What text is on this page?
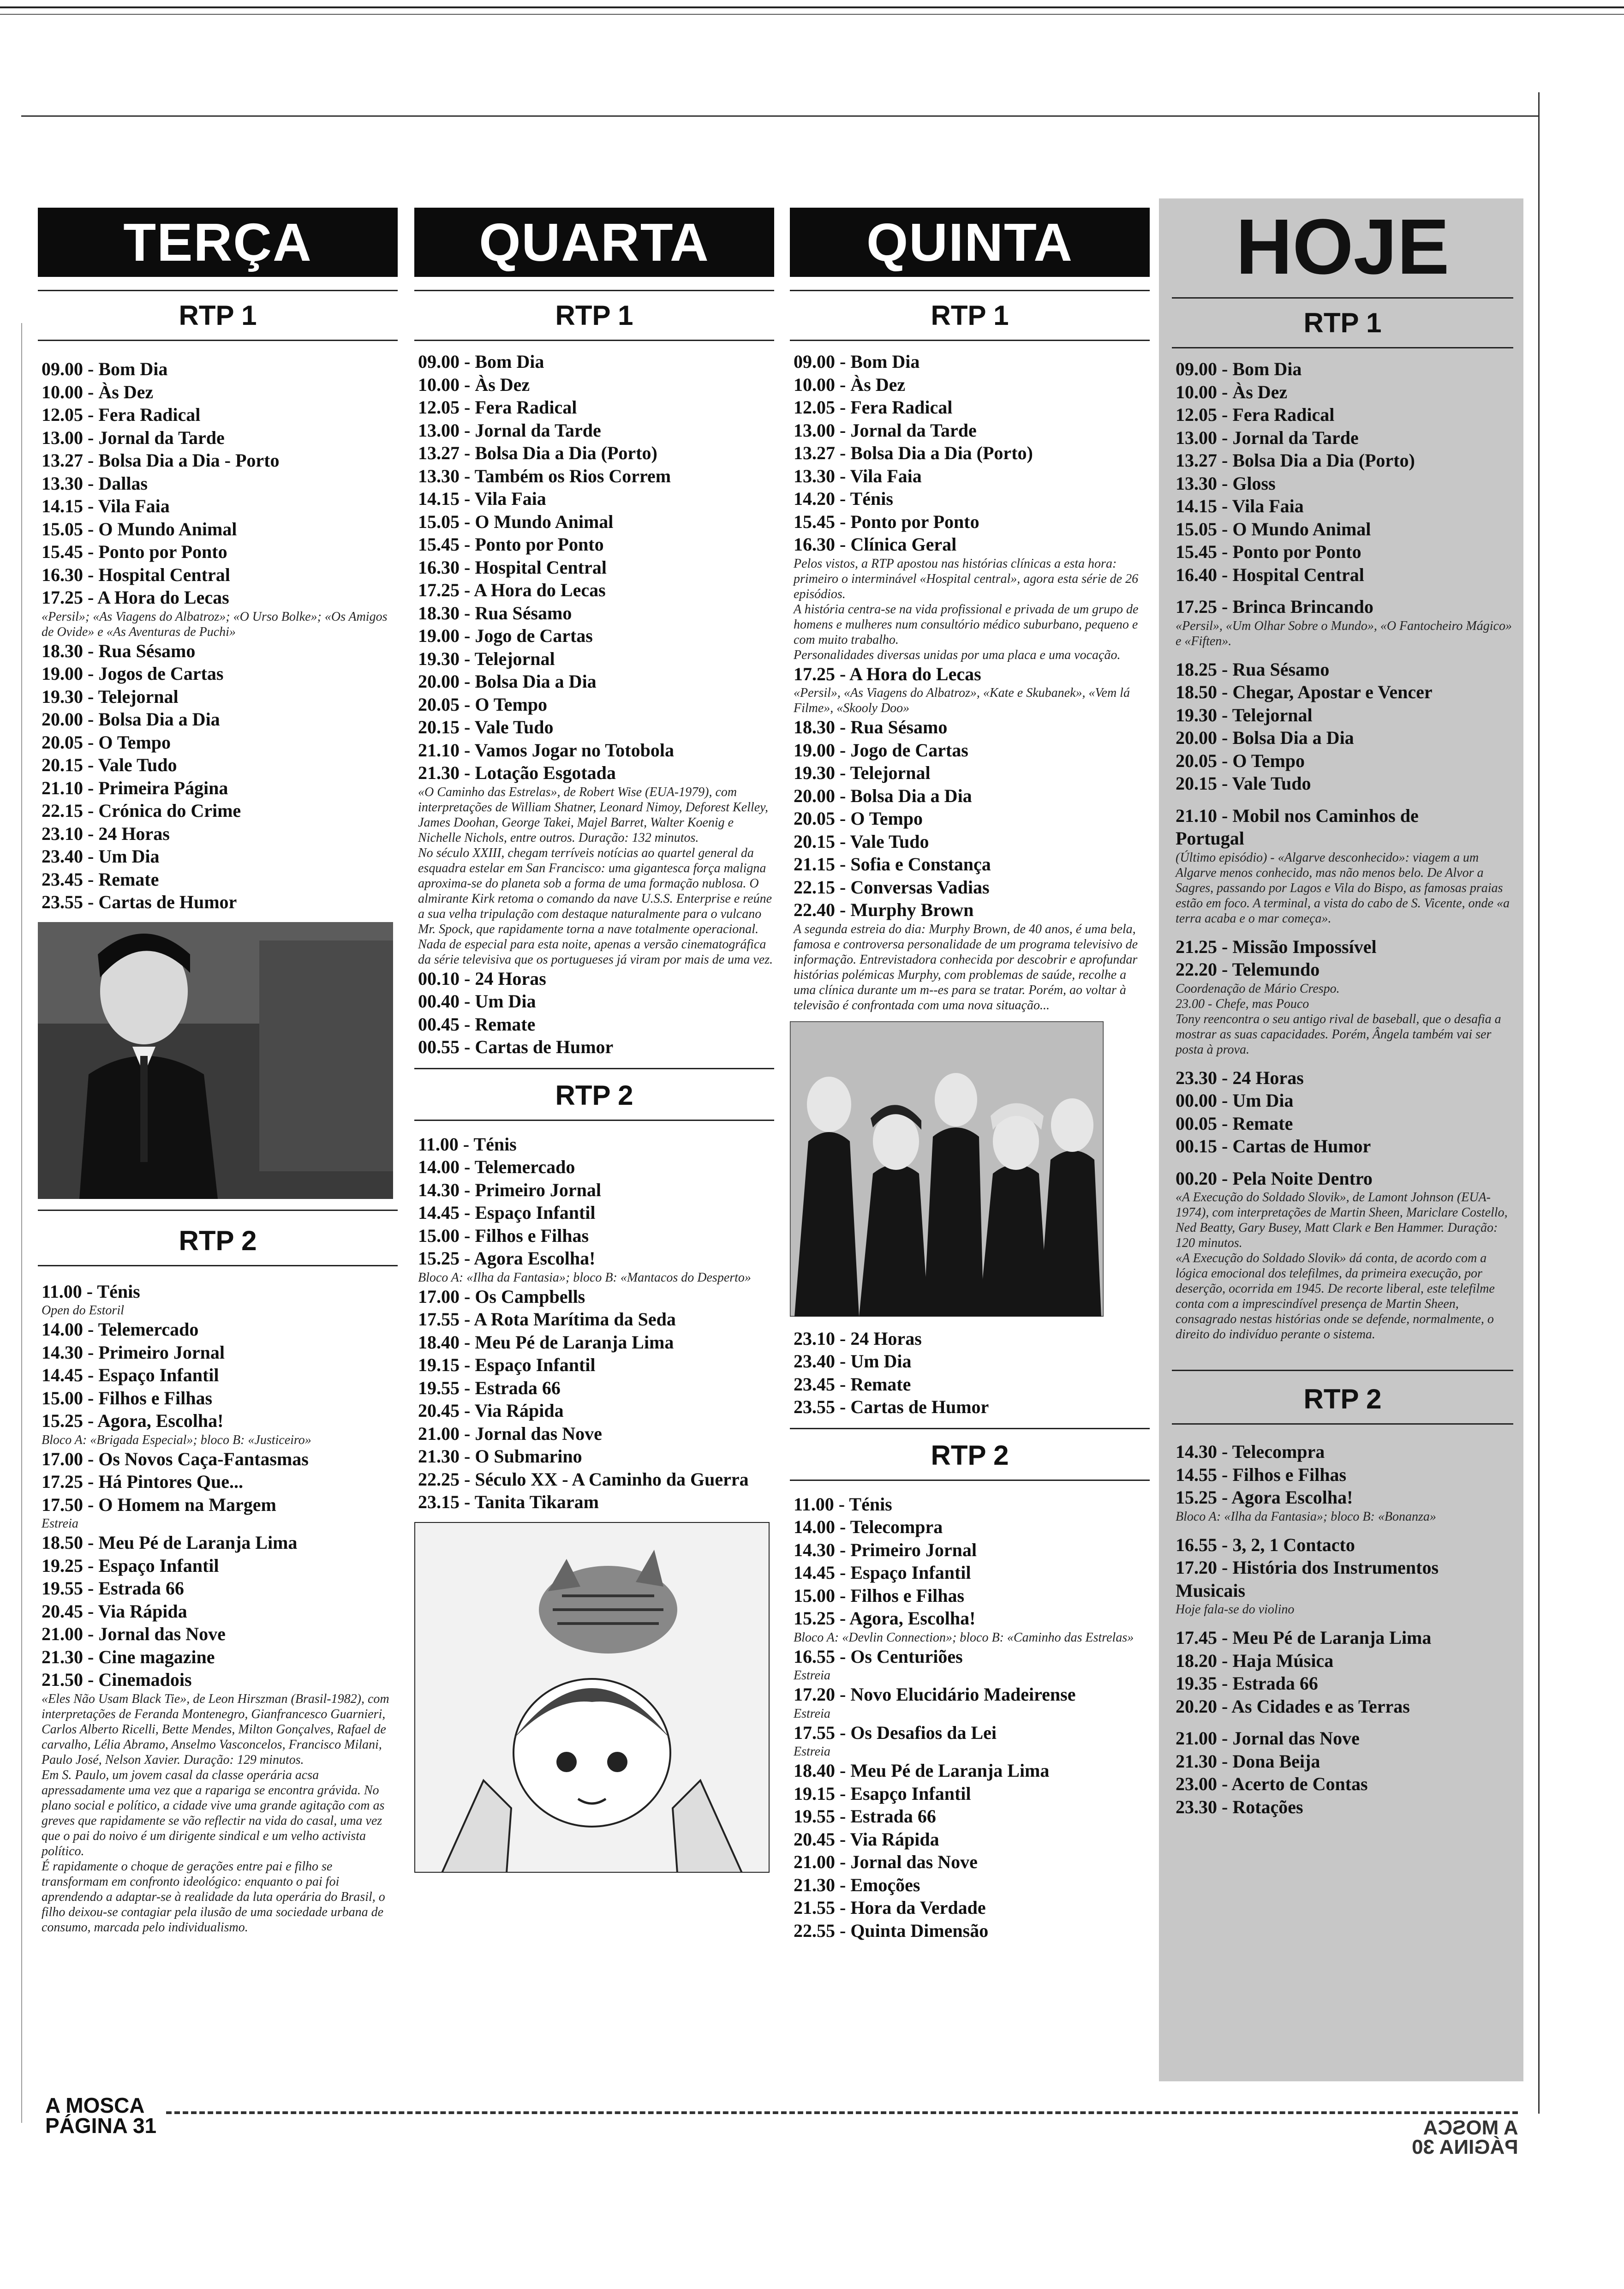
TERÇA
RTP 1
09.00 - Bom Dia
10.00 - Às Dez
12.05 - Fera Radical
13.00 - Jornal da Tarde
13.27 - Bolsa Dia a Dia - Porto
13.30 - Dallas
14.15 - Vila Faia
15.05 - O Mundo Animal
15.45 - Ponto por Ponto
16.30 - Hospital Central
17.25 - A Hora do Lecas
«Persil»; «As Viagens do Albatroz»; «O Urso Bolke»; «Os Amigos de Ovide» e «As Aventuras de Puchi»
18.30 - Rua Sésamo
19.00 - Jogos de Cartas
19.30 - Telejornal
20.00 - Bolsa Dia a Dia
20.05 - O Tempo
20.15 - Vale Tudo
21.10 - Primeira Página
22.15 - Crónica do Crime
23.10 - 24 Horas
23.40 - Um Dia
23.45 - Remate
23.55 - Cartas de Humor
RTP 2
11.00 - Ténis
Open do Estoril
14.00 - Telemercado
14.30 - Primeiro Jornal
14.45 - Espaço Infantil
15.00 - Filhos e Filhas
15.25 - Agora, Escolha!
Bloco A: «Brigada Especial»; bloco B: «Justiceiro»
17.00 - Os Novos Caça-Fantasmas
17.25 - Há Pintores Que...
17.50 - O Homem na Margem
Estreia
18.50 - Meu Pé de Laranja Lima
19.25 - Espaço Infantil
19.55 - Estrada 66
20.45 - Via Rápida
21.00 - Jornal das Nove
21.30 - Cine magazine
21.50 - Cinemadois
«Eles Não Usam Black Tie», de Leon Hirszman (Brasil-1982), com interpretações de Feranda Montenegro, Gianfrancesco Guarnieri, Carlos Alberto Ricelli, Bette Mendes, Milton Gonçalves, Rafael de carvalho, Lélia Abramo, Anselmo Vasconcelos, Francisco Milani, Paulo José, Nelson Xavier. Duração: 129 minutos.
Em S. Paulo, um jovem casal da classe operária acsa apressadamente uma vez que a rapariga se encontra grávida. No plano social e político, a cidade vive uma grande agitação com as greves que rapidamente se vão reflectir na vida do casal, uma vez que o pai do noivo é um dirigente sindical e um velho activista político.
É rapidamente o choque de gerações entre pai e filho se transformam em confronto ideológico: enquanto o pai foi aprendendo a adaptar-se à realidade da luta operária do Brasil, o filho deixou-se contagiar pela ilusão de uma sociedade urbana de consumo, marcada pelo individualismo.
QUARTA
RTP 1
09.00 - Bom Dia
10.00 - Às Dez
12.05 - Fera Radical
13.00 - Jornal da Tarde
13.27 - Bolsa Dia a Dia (Porto)
13.30 - Também os Rios Correm
14.15 - Vila Faia
15.05 - O Mundo Animal
15.45 - Ponto por Ponto
16.30 - Hospital Central
17.25 - A Hora do Lecas
18.30 - Rua Sésamo
19.00 - Jogo de Cartas
19.30 - Telejornal
20.00 - Bolsa Dia a Dia
20.05 - O Tempo
20.15 - Vale Tudo
21.10 - Vamos Jogar no Totobola
21.30 - Lotação Esgotada
«O Caminho das Estrelas», de Robert Wise (EUA-1979), com interpretações de William Shatner, Leonard Nimoy, Deforest Kelley, James Doohan, George Takei, Majel Barret, Walter Koenig e Nichelle Nichols, entre outros. Duração: 132 minutos.
No século XXIII, chegam terríveis notícias ao quartel general da esquadra estelar em San Francisco: uma gigantesca força maligna aproxima-se do planeta sob a forma de uma formação nublosa. O almirante Kirk retoma o comando da nave U.S.S. Enterprise e reúne a sua velha tripulação com destaque naturalmente para o vulcano Mr. Spock, que rapidamente torna a nave totalmente operacional.
Nada de especial para esta noite, apenas a versão cinematográfica da série televisiva que os portugueses já viram por mais de uma vez.
00.10 - 24 Horas
00.40 - Um Dia
00.45 - Remate
00.55 - Cartas de Humor
RTP 2
11.00 - Ténis
14.00 - Telemercado
14.30 - Primeiro Jornal
14.45 - Espaço Infantil
15.00 - Filhos e Filhas
15.25 - Agora Escolha!
Bloco A: «Ilha da Fantasia»; bloco B: «Mantacos do Desperto»
17.00 - Os Campbells
17.55 - A Rota Marítima da Seda
18.40 - Meu Pé de Laranja Lima
19.15 - Espaço Infantil
19.55 - Estrada 66
20.45 - Via Rápida
21.00 - Jornal das Nove
21.30 - O Submarino
22.25 - Século XX - A Caminho da Guerra
23.15 - Tanita Tikaram
QUINTA
RTP 1
09.00 - Bom Dia
10.00 - Às Dez
12.05 - Fera Radical
13.00 - Jornal da Tarde
13.27 - Bolsa Dia a Dia (Porto)
13.30 - Vila Faia
14.20 - Ténis
15.45 - Ponto por Ponto
16.30 - Clínica Geral
Pelos vistos, a RTP apostou nas histórias clínicas a esta hora: primeiro o interminável «Hospital central», agora esta série de 26 episódios.
A história centra-se na vida profissional e privada de um grupo de homens e mulheres num consultório médico suburbano, pequeno e com muito trabalho.
Personalidades diversas unidas por uma placa e uma vocação.
17.25 - A Hora do Lecas
«Persil», «As Viagens do Albatroz», «Kate e Skubanek», «Vem lá Filme», «Skooly Doo»
18.30 - Rua Sésamo
19.00 - Jogo de Cartas
19.30 - Telejornal
20.00 - Bolsa Dia a Dia
20.05 - O Tempo
20.15 - Vale Tudo
21.15 - Sofia e Constança
22.15 - Conversas Vadias
22.40 - Murphy Brown
A segunda estreia do dia: Murphy Brown, de 40 anos, é uma bela, famosa e controversa personalidade de um programa televisivo de informação. Entrevistadora conhecida por descobrir e aprofundar histórias polémicas Murphy, com problemas de saúde, recolhe a uma clínica durante um m--es para se tratar. Porém, ao voltar à televisão é confrontada com uma nova situação...
23.10 - 24 Horas
23.40 - Um Dia
23.45 - Remate
23.55 - Cartas de Humor
RTP 2
11.00 - Ténis
14.00 - Telecompra
14.30 - Primeiro Jornal
14.45 - Espaço Infantil
15.00 - Filhos e Filhas
15.25 - Agora, Escolha!
Bloco A: «Devlin Connection»; bloco B: «Caminho das Estrelas»
16.55 - Os Centuriões
Estreia
17.20 - Novo Elucidário Madeirense
Estreia
17.55 - Os Desafios da Lei
Estreia
18.40 - Meu Pé de Laranja Lima
19.15 - Esapço Infantil
19.55 - Estrada 66
20.45 - Via Rápida
21.00 - Jornal das Nove
21.30 - Emoções
21.55 - Hora da Verdade
22.55 - Quinta Dimensão
HOJE
RTP 1
09.00 - Bom Dia
10.00 - Às Dez
12.05 - Fera Radical
13.00 - Jornal da Tarde
13.27 - Bolsa Dia a Dia (Porto)
13.30 - Gloss
14.15 - Vila Faia
15.05 - O Mundo Animal
15.45 - Ponto por Ponto
16.40 - Hospital Central
17.25 - Brinca Brincando
«Persil», «Um Olhar Sobre o Mundo», «O Fantocheiro Mágico» e «Fiften».
18.25 - Rua Sésamo
18.50 - Chegar, Apostar e Vencer
19.30 - Telejornal
20.00 - Bolsa Dia a Dia
20.05 - O Tempo
20.15 - Vale Tudo
21.10 - Mobil nos Caminhos de
Portugal
(Último episódio) - «Algarve desconhecido»: viagem a um Algarve menos conhecido, mas não menos belo. De Alvor a Sagres, passando por Lagos e Vila do Bispo, as famosas praias estão em foco. A terminal, a vista do cabo de S. Vicente, onde «a terra acaba e o mar começa».
21.25 - Missão Impossível
22.20 - Telemundo
Coordenação de Mário Crespo.
23.00 - Chefe, mas Pouco
Tony reencontra o seu antigo rival de baseball, que o desafia a mostrar as suas capacidades. Porém, Ângela também vai ser posta à prova.
23.30 - 24 Horas
00.00 - Um Dia
00.05 - Remate
00.15 - Cartas de Humor
00.20 - Pela Noite Dentro
«A Execução do Soldado Slovik», de Lamont Johnson (EUA-1974), com interpretações de Martin Sheen, Mariclare Costello, Ned Beatty, Gary Busey, Matt Clark e Ben Hammer. Duração: 120 minutos.
«A Execução do Soldado Slovik» dá conta, de acordo com a lógica emocional dos telefilmes, da primeira execução, por deserção, ocorrida em 1945. De recorte liberal, este telefilme conta com a imprescindível presença de Martin Sheen, consagrado nestas histórias onde se defende, normalmente, o direito do indivíduo perante o sistema.
RTP 2
14.30 - Telecompra
14.55 - Filhos e Filhas
15.25 - Agora Escolha!
Bloco A: «Ilha da Fantasia»; bloco B: «Bonanza»
16.55 - 3, 2, 1 Contacto
17.20 - História dos Instrumentos
Musicais
Hoje fala-se do violino
17.45 - Meu Pé de Laranja Lima
18.20 - Haja Música
19.35 - Estrada 66
20.20 - As Cidades e as Terras
21.00 - Jornal das Nove
21.30 - Dona Beija
23.00 - Acerto de Contas
23.30 - Rotações
A MOSCA
PÁGINA 31	A MOSCA
PÁGINA 30
